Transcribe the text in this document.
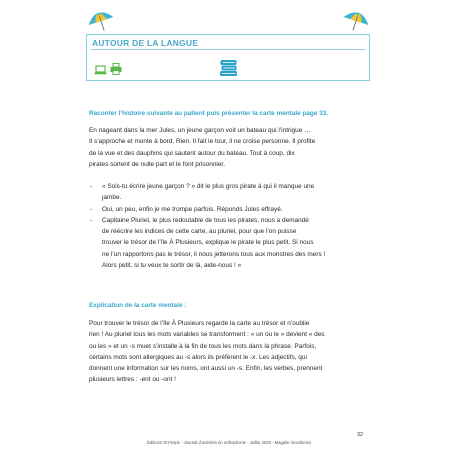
AUTOUR DE LA LANGUE
Raconter l’histoire suivante au patient puis présenter la carte mentale page 33.
En nageant dans la mer Jules, un jeune garçon voit un bateau qui l’intrigue …
Il s’approche et monte à bord. Rien. Il fait le tour, il ne croise personne. Il profite
de la vue et des dauphins qui sautent autour du bateau. Tout à coup, dix
pirates sortent de nulle part et le font prisonnier.
- « Sois-tu écrire jeune garçon ? » dit le plus gros pirate à qui il manque une
jambe.
- Oui, un peu, enfin je me trompe parfois. Réponds Jules effrayé.
- Capitaine Pluriel, le plus redoutable de tous les pirates, nous a demandé
de réécrire les indices de cette carte, au pluriel, pour que l’on puisse
trouver le trésor de l’île À Plusieurs, explique le pirate le plus petit. Si nous
ne l’un rapportons pas le trésor, il nous jetterons tous aux monstres des mers !
Alors petit, si tu veux te sortir de là, aide-nous ! »
Explication de la carte mentale :
Pour trouver le trésor de l’île À Plusieurs regarde la carte au trésor et n’oublie
rien ! Au pluriel tous les mots variables se transforment : « un ou le » devient « des
ou les » et un -s muet s’installe à la fin de tous les mots dans la phrase. Parfois,
certains mots sont allergiques au -s alors ils préfèrent le -x. Les adjectifs, qui
donnent une information sur les noms, ont aussi un -s. Enfin, les verbes, prennent
plusieurs lettres : -ent ou -ont !
32
Éditions Ort’inspir - Journal d’activités en orthophonie - Juillet 2020 - Magalie Vicedomini
